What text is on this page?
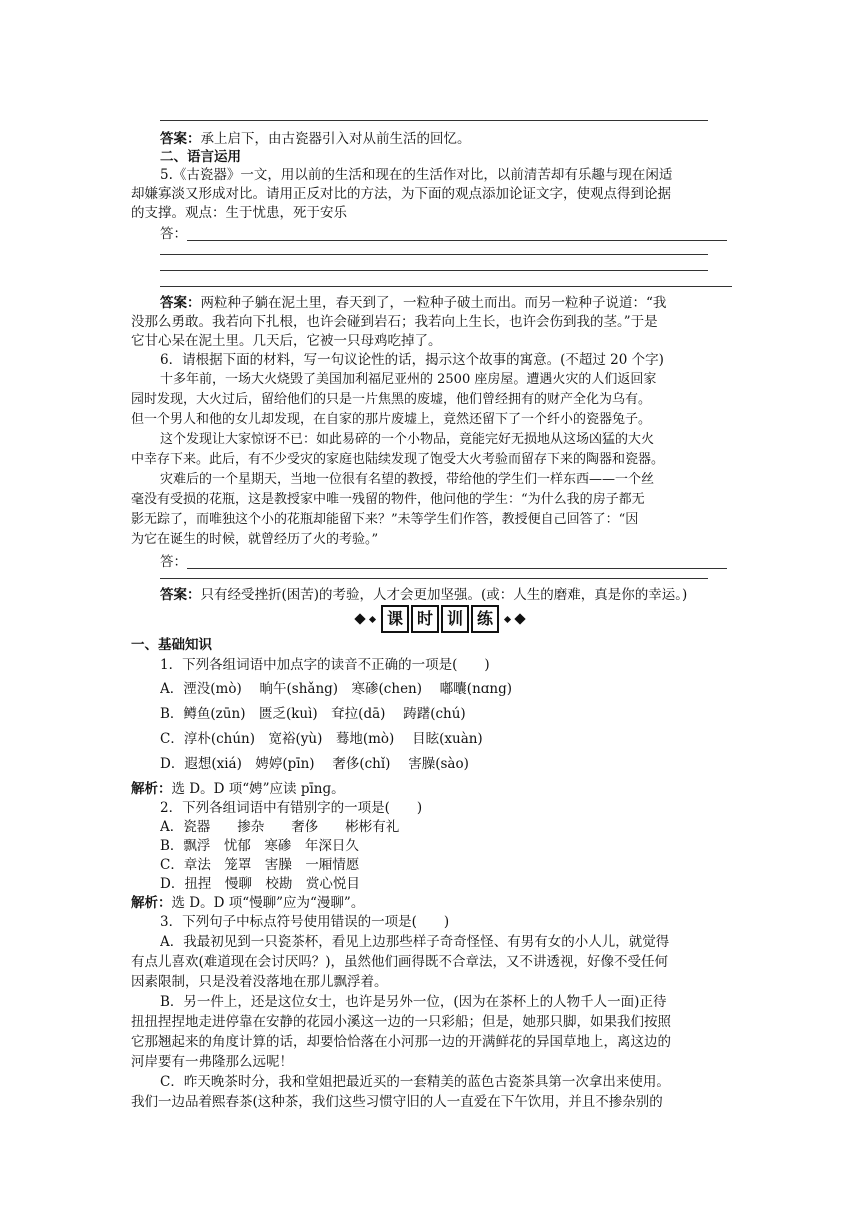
课 时 训 练
答案：承上启下，由古瓷器引入对从前生活的回忆。
二、语言运用
5.《古瓷器》一文，用以前的生活和现在的生活作对比，以前清苦却有乐趣与现在闲适
却嫌寡淡又形成对比。请用正反对比的方法，为下面的观点添加论证文字，使观点得到论据
的支撑。观点：生于忧患，死于安乐
答案：两粒种子躺在泥土里，春天到了，一粒种子破土而出。而另一粒种子说道：“我
没那么勇敢。我若向下扎根，也许会碰到岩石；我若向上生长，也许会伤到我的茎。”于是
它甘心呆在泥土里。几天后，它被一只母鸡吃掉了。
6．请根据下面的材料，写一句议论性的话，揭示这个故事的寓意。(不超过 20 个字)
十多年前，一场大火烧毁了美国加利福尼亚州的 2500 座房屋。遭遇火灾的人们返回家
园时发现，大火过后，留给他们的只是一片焦黑的废墟，他们曾经拥有的财产全化为乌有。
但一个男人和他的女儿却发现，在自家的那片废墟上，竟然还留下了一个纤小的瓷器兔子。
这个发现让大家惊讶不已：如此易碎的一个小物品，竟能完好无损地从这场凶猛的大火
中幸存下来。此后，有不少受灾的家庭也陆续发现了饱受大火考验而留存下来的陶器和瓷器。
灾难后的一个星期天，当地一位很有名望的教授，带给他的学生们一样东西——一个丝
毫没有受损的花瓶，这是教授家中唯一残留的物件，他问他的学生：“为什么我的房子都无
影无踪了，而唯独这个小的花瓶却能留下来？”未等学生们作答，教授便自己回答了：“因
为它在诞生的时候，就曾经历了火的考验。”
答案：只有经受挫折(困苦)的考验，人才会更加坚强。(或：人生的磨难，真是你的幸运。)
一、基础知识
1．下列各组词语中加点字的读音不正确的一项是(　　)
A．湮没(mò)　 晌午(shǎng)　寒碜(chen)　 嘟囔(nɑng)
B．鳟鱼(zūn)　匮乏(kuì)　耷拉(dā)　 踌躇(chú)
C．淳朴(chún)　宽裕(yù)　蓦地(mò)　 目眩(xuàn)
D．遐想(xiá)　娉婷(pīn)　 奢侈(chǐ)　 害臊(sào)
解析：选 D。D 项“娉”应读 pīnɡ。
2．下列各组词语中有错别字的一项是(　　)
A．瓷器　　掺杂　　奢侈　　彬彬有礼
B．飘浮　忧郁　寒碜　年深日久
C．章法　笼罩　害臊　一厢情愿
D．扭捏　慢聊　校勘　赏心悦目
解析：选 D。D 项“慢聊”应为“漫聊”。
3．下列句子中标点符号使用错误的一项是(　　)
A．我最初见到一只瓷茶杯，看见上边那些样子奇奇怪怪、有男有女的小人儿，就觉得
有点儿喜欢(难道现在会讨厌吗？)，虽然他们画得既不合章法，又不讲透视，好像不受任何
因素限制，只是没着没落地在那儿飘浮着。
B．另一件上，还是这位女士，也许是另外一位，(因为在茶杯上的人物千人一面)正待
扭扭捏捏地走进停靠在安静的花园小溪这一边的一只彩船；但是，她那只脚，如果我们按照
它那翘起来的角度计算的话，却要恰恰落在小河那一边的开满鲜花的异国草地上，离这边的
河岸要有一弗隆那么远呢！
C．昨天晚茶时分，我和堂姐把最近买的一套精美的蓝色古瓷茶具第一次拿出来使用。
我们一边品着熙春茶(这种茶，我们这些习惯守旧的人一直爱在下午饮用，并且不掺杂别的
答：
答：
